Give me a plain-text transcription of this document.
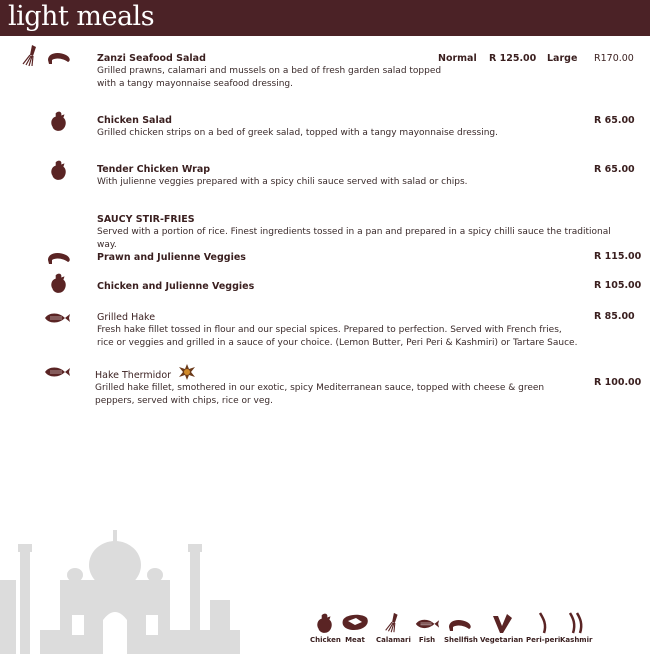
light meals
Zanzi Seafood Salad
Grilled prawns, calamari and mussels on a bed of fresh garden salad topped
with a tangy mayonnaise seafood dressing.
Normal R 125.00 Large R170.00
Chicken Salad
Grilled chicken strips on a bed of greek salad, topped with a tangy mayonnaise dressing.
R 65.00
Tender Chicken Wrap
With julienne veggies prepared with a spicy chili sauce served with salad or chips.
R 65.00
SAUCY STIR-FRIES
Served with a portion of rice. Finest ingredients tossed in a pan and prepared in a spicy chilli sauce the traditional way.
Prawn and Julienne Veggies	R 115.00
Chicken and Julienne Veggies	R 105.00
Grilled Hake
Fresh hake fillet tossed in flour and our special spices. Prepared to perfection. Served with French fries,
rice or veggies and grilled in a sauce of your choice. (Lemon Butter, Peri Peri & Kashmiri) or Tartare Sauce.
R 85.00
Hake Thermidor
Grilled hake fillet, smothered in our exotic, spicy Mediterranean sauce, topped with cheese & green
peppers, served with chips, rice or veg.
R 100.00
Chicken Meat	Calamari	Fish	Shellfish Vegetarian Peri-peri Kashmir
